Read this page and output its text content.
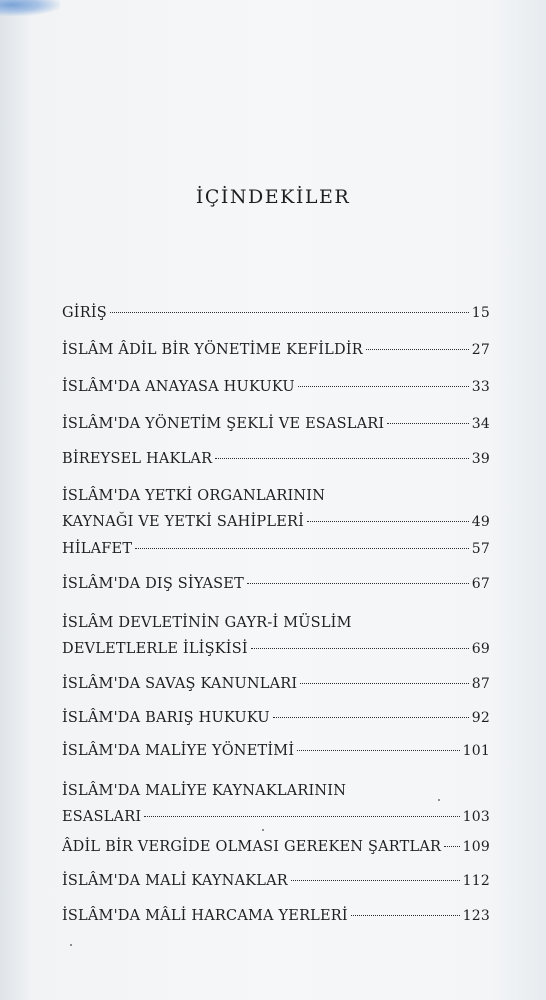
İÇİNDEKİLER
GİRİŞ	15
İSLÂM ÂDİL BİR YÖNETİME KEFİLDİR	27
İSLÂM'DA ANAYASA HUKUKU	33
İSLÂM'DA YÖNETİM ŞEKLİ VE ESASLARI	34
BİREYSEL HAKLAR	39
İSLÂM'DA YETKİ ORGANLARININ
KAYNAĞI VE YETKİ SAHİPLERİ	49
HİLAFET	57
İSLÂM'DA DIŞ SİYASET	67
İSLÂM DEVLETİNİN GAYR-İ MÜSLİM
DEVLETLERLE İLİŞKİSİ	69
İSLÂM'DA SAVAŞ KANUNLARI	87
İSLÂM'DA BARIŞ HUKUKU	92
İSLÂM'DA MALİYE YÖNETİMİ	101
İSLÂM'DA MALİYE KAYNAKLARININ
ESASLARI	103
ÂDİL BİR VERGİDE OLMASI GEREKEN ŞARTLAR 109
İSLÂM'DA MALİ KAYNAKLAR	112
İSLÂM'DA MÂLİ HARCAMA YERLERİ	123
